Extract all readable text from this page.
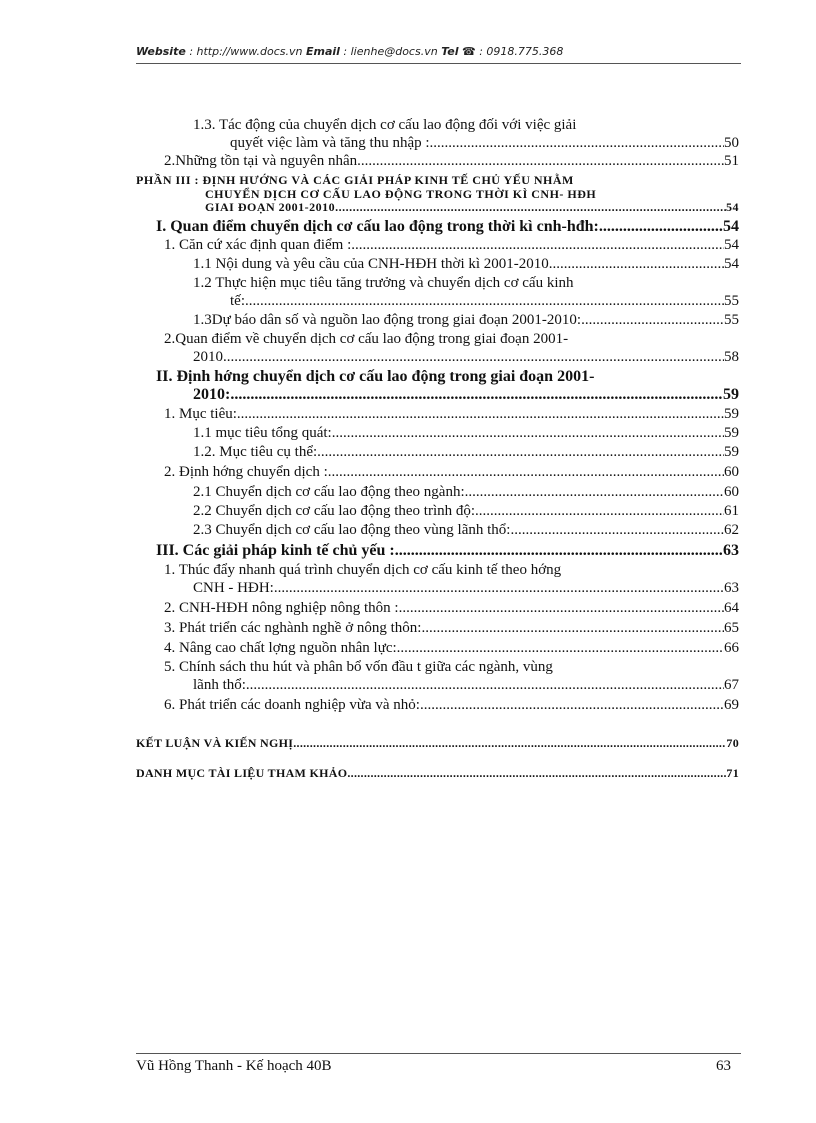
Website : http://www.docs.vn Email : lienhe@docs.vn Tel ☎ : 0918.775.368
1.3. Tác động của chuyển dịch cơ cấu lao động đối với việc giải
quyết việc làm và tăng thu nhập : .....	50
2.Những tồn tại và nguyên nhân .....	51
PHẦN III : ĐỊNH HƯỚNG VÀ CÁC GIẢI PHÁP KINH TẾ CHỦ YẾU NHẰM
CHUYỂN DỊCH CƠ CẤU LAO ĐỘNG TRONG THỜI KÌ CNH- HĐH
GIAI ĐOẠN 2001-2010 .....	54
I. Quan điểm chuyển dịch cơ cấu lao động trong thời kì cnh-hđh: .....	54
1. Căn cứ xác định quan điểm : .....	54
1.1 Nội dung và yêu cầu của CNH-HĐH thời kì 2001-2010 .....	54
1.2 Thực hiện mục tiêu tăng trưởng và chuyển dịch cơ cấu kinh
tế: .....	55
1.3Dự báo dân số và nguồn lao động trong giai đoạn 2001-2010: .....	55
2.Quan điểm về chuyển dịch cơ cấu lao động trong giai đoạn 2001-
2010 .....	58
II. Định hớng chuyển dịch cơ cấu lao động trong giai đoạn 2001-
2010: .....	59
1. Mục tiêu: .....	59
1.1 mục tiêu tổng quát: .....	59
1.2. Mục tiêu cụ thể: .....	59
2. Định hớng chuyển dịch : .....	60
2.1 Chuyển dịch cơ cấu lao động theo ngành: .....	60
2.2 Chuyển dịch cơ cấu lao động theo trình độ: .....	61
2.3 Chuyển dịch cơ cấu lao động theo vùng lãnh thổ: .....	62
III. Các giải pháp kinh tế chủ yếu : .....	63
1. Thúc đẩy nhanh quá trình chuyển dịch cơ cấu kinh tế theo hớng
CNH - HĐH: .....	63
2. CNH-HĐH nông nghiệp nông thôn : .....	64
3. Phát triển các nghành nghề ở nông thôn: .....	65
4. Nâng cao chất lợng nguồn nhân lực: .....	66
5. Chính sách thu hút và phân bổ vốn đầu t giữa các ngành, vùng
lãnh thổ: .....	67
6. Phát triển các doanh nghiệp vừa và nhỏ: .....	69
KẾT LUẬN VÀ KIẾN NGHỊ .....	70
DANH MỤC TÀI LIỆU THAM KHẢO .....	71
Vũ Hồng Thanh - Kế hoạch 40B	63
